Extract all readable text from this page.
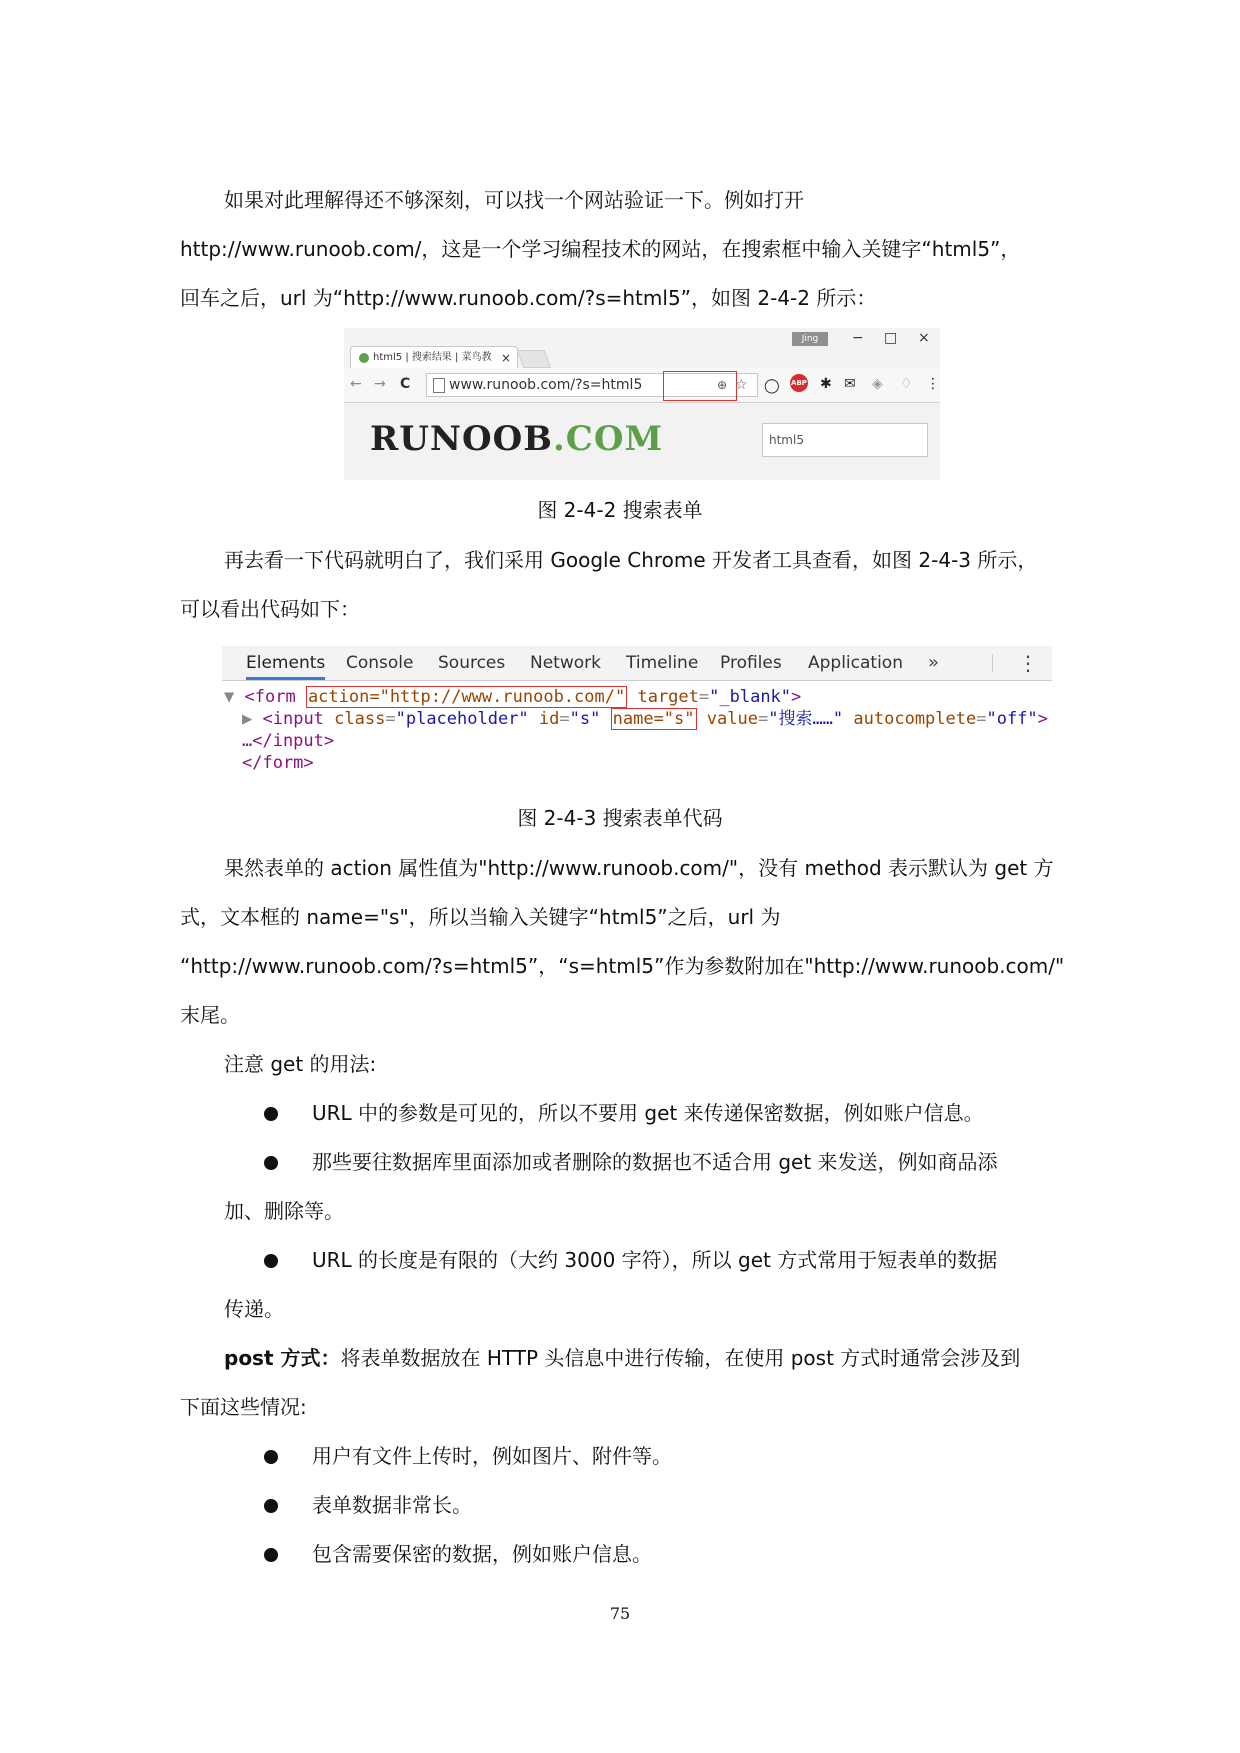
如果对此理解得还不够深刻，可以找一个网站验证一下。例如打开
http://www.runoob.com/，这是一个学习编程技术的网站，在搜索框中输入关键字“html5”，
回车之后，url 为“http://www.runoob.com/?s=html5”，如图 2-4-2 所示：

html5 | 搜索结果 | 菜鸟教 ×
Jing	− □ ×
← → C	www.runoob.com/?s=html5	⊕ ☆ ◯ ABP ✱ ✉ ◈ ♢ ⋮
RUNOOB.COM	html5

图 2-4-2 搜索表单

再去看一下代码就明白了，我们采用 Google Chrome 开发者工具查看，如图 2-4-3 所示，
可以看出代码如下：

Elements Console Sources Network Timeline Profiles Application »	⋮
▼ <form action="http://www.runoob.com/" target="_blank">
▶ <input class="placeholder" id="s" name="s" value="搜索……" autocomplete="off">
…</input>
</form>

图 2-4-3 搜索表单代码

果然表单的 action 属性值为"http://www.runoob.com/"，没有 method 表示默认为 get 方
式，文本框的 name="s"，所以当输入关键字“html5”之后，url 为
“http://www.runoob.com/?s=html5”，“s=html5”作为参数附加在"http://www.runoob.com/"
末尾。

注意 get 的用法:

URL 中的参数是可见的，所以不要用 get 来传递保密数据，例如账户信息。
那些要往数据库里面添加或者删除的数据也不适合用 get 来发送，例如商品添

加、删除等。

URL 的长度是有限的（大约 3000 字符），所以 get 方式常用于短表单的数据

传递。

post 方式：将表单数据放在 HTTP 头信息中进行传输，在使用 post 方式时通常会涉及到
下面这些情况:

用户有文件上传时，例如图片、附件等。
表单数据非常长。
包含需要保密的数据，例如账户信息。
75
